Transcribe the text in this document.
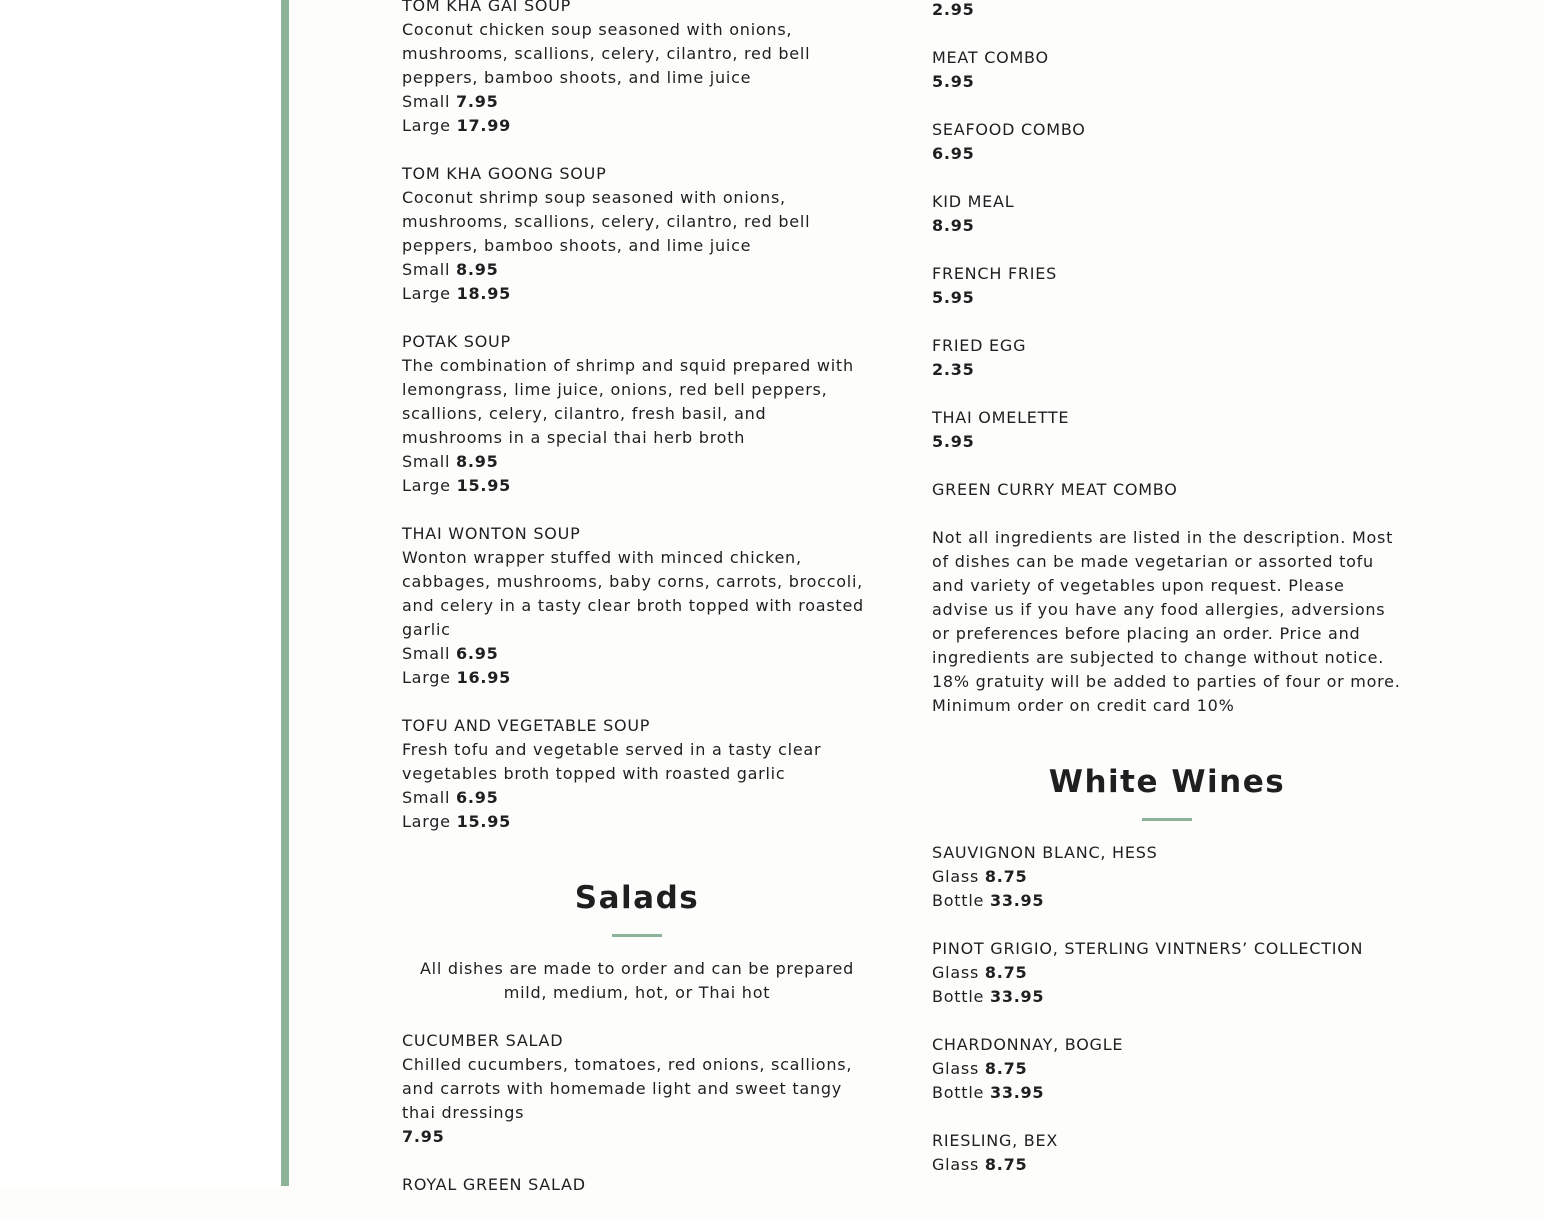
TOM KHA GAI SOUP

Coconut chicken soup seasoned with onions, mushrooms, scallions, celery, cilantro, red bell peppers, bamboo shoots, and lime juice

Small 7.95

Large 17.99

TOM KHA GOONG SOUP

Coconut shrimp soup seasoned with onions, mushrooms, scallions, celery, cilantro, red bell peppers, bamboo shoots, and lime juice

Small 8.95

Large 18.95

POTAK SOUP

The combination of shrimp and squid prepared with lemongrass, lime juice, onions, red bell peppers, scallions, celery, cilantro, fresh basil, and mushrooms in a special thai herb broth

Small 8.95

Large 15.95

THAI WONTON SOUP

Wonton wrapper stuffed with minced chicken, cabbages, mushrooms, baby corns, carrots, broccoli, and celery in a tasty clear broth topped with roasted garlic

Small 6.95

Large 16.95

TOFU AND VEGETABLE SOUP

Fresh tofu and vegetable served in a tasty clear vegetables broth topped with roasted garlic

Small 6.95

Large 15.95

Salads

All dishes are made to order and can be prepared mild, medium, hot, or Thai hot

CUCUMBER SALAD

Chilled cucumbers, tomatoes, red onions, scallions, and carrots with homemade light and sweet tangy thai dressings

7.95

ROYAL GREEN SALAD

2.95

MEAT COMBO

5.95

SEAFOOD COMBO

6.95

KID MEAL

8.95

FRENCH FRIES

5.95

FRIED EGG

2.35

THAI OMELETTE

5.95

GREEN CURRY MEAT COMBO

Not all ingredients are listed in the description. Most of dishes can be made vegetarian or assorted tofu and variety of vegetables upon request. Please advise us if you have any food allergies, adversions or preferences before placing an order. Price and ingredients are subjected to change without notice. 18% gratuity will be added to parties of four or more. Minimum order on credit card 10%

White Wines

SAUVIGNON BLANC, HESS

Glass 8.75

Bottle 33.95

PINOT GRIGIO, STERLING VINTNERS’ COLLECTION

Glass 8.75

Bottle 33.95

CHARDONNAY, BOGLE

Glass 8.75

Bottle 33.95

RIESLING, BEX

Glass 8.75
